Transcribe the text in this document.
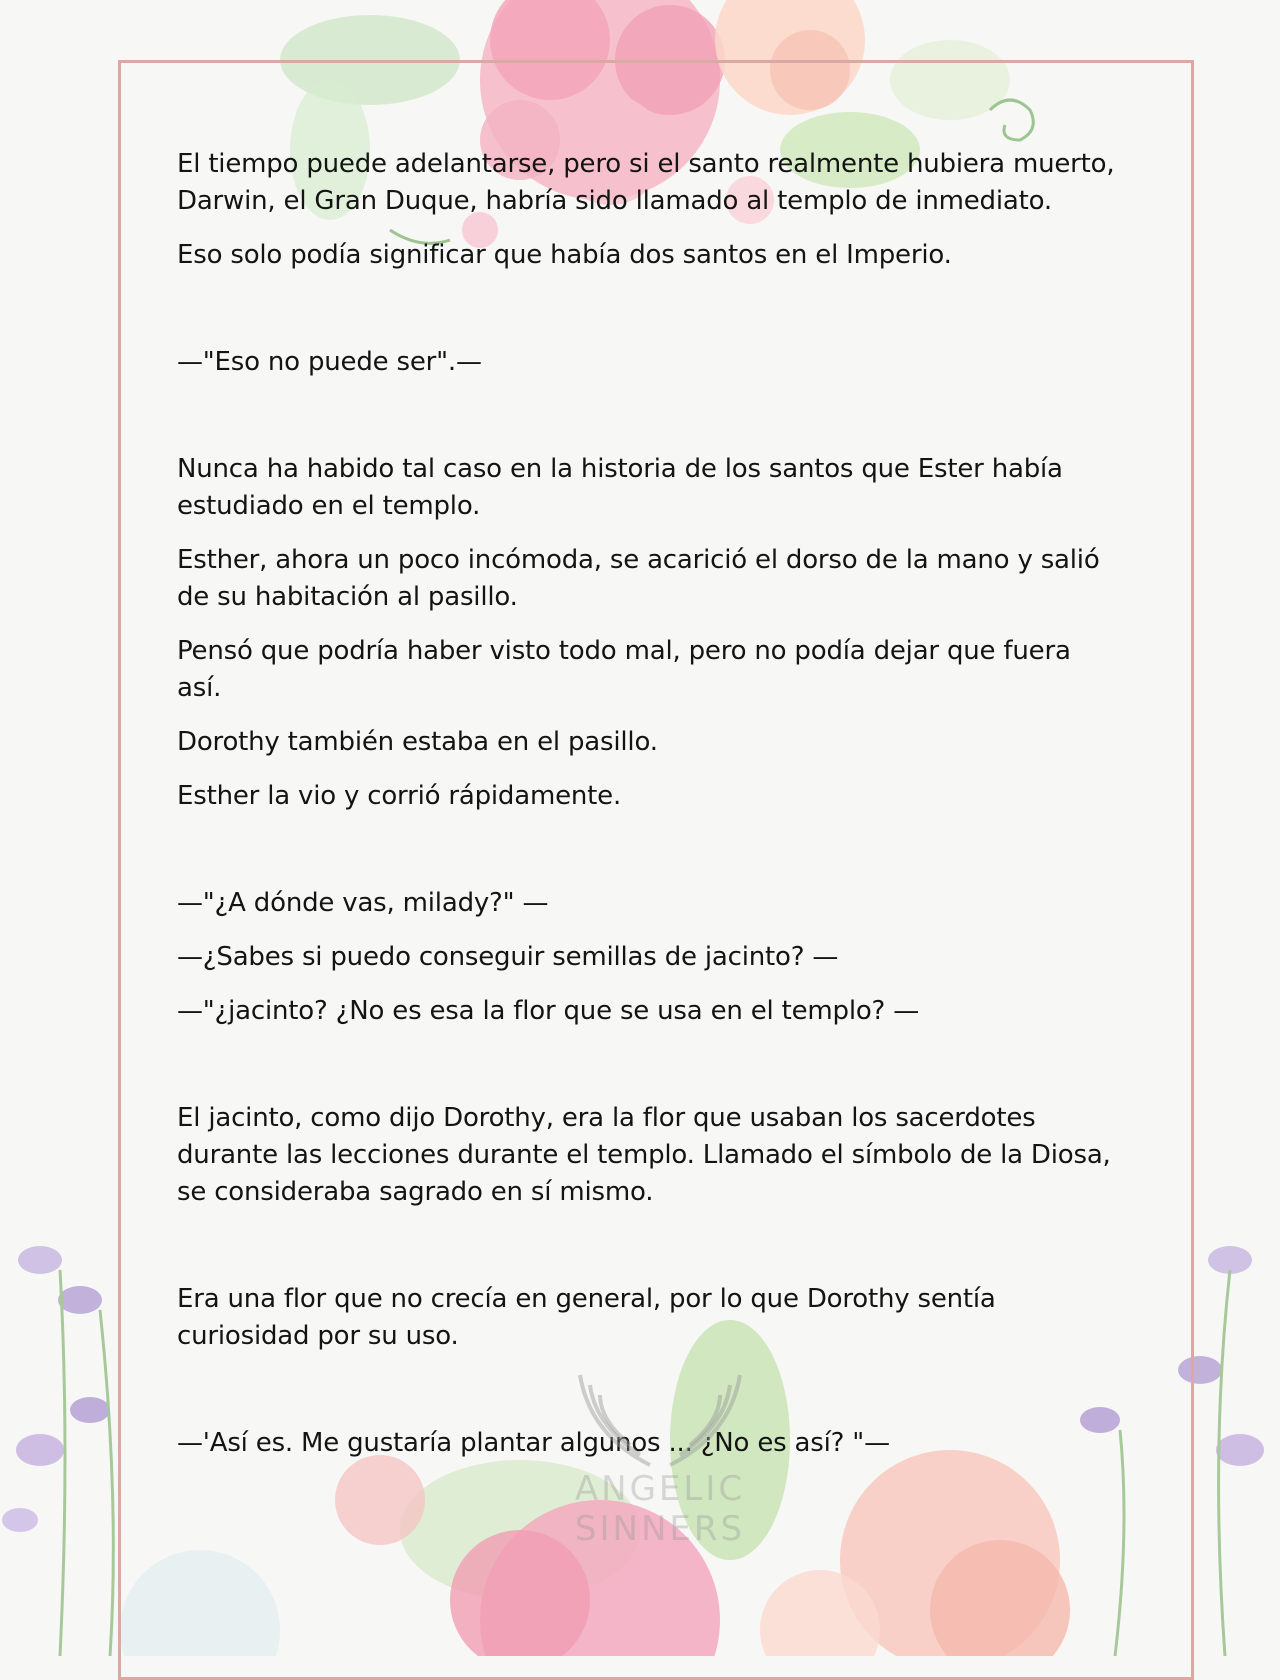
El tiempo puede adelantarse, pero si el santo realmente hubiera muerto, Darwin, el Gran Duque, habría sido llamado al templo de inmediato.

Eso solo podía significar que había dos santos en el Imperio.

—"Eso no puede ser".—

Nunca ha habido tal caso en la historia de los santos que Ester había estudiado en el templo.

Esther, ahora un poco incómoda, se acarició el dorso de la mano y salió de su habitación al pasillo.

Pensó que podría haber visto todo mal, pero no podía dejar que fuera así.

Dorothy también estaba en el pasillo.

Esther la vio y corrió rápidamente.

—"¿A dónde vas, milady?" —

—¿Sabes si puedo conseguir semillas de jacinto? —

—"¿jacinto? ¿No es esa la flor que se usa en el templo? —

El jacinto, como dijo Dorothy, era la flor que usaban los sacerdotes durante las lecciones durante el templo. Llamado el símbolo de la Diosa, se consideraba sagrado en sí mismo.

Era una flor que no crecía en general, por lo que Dorothy sentía curiosidad por su uso.

—'Así es. Me gustaría plantar algunos ... ¿No es así? "—

ANGELIC SINNERS
